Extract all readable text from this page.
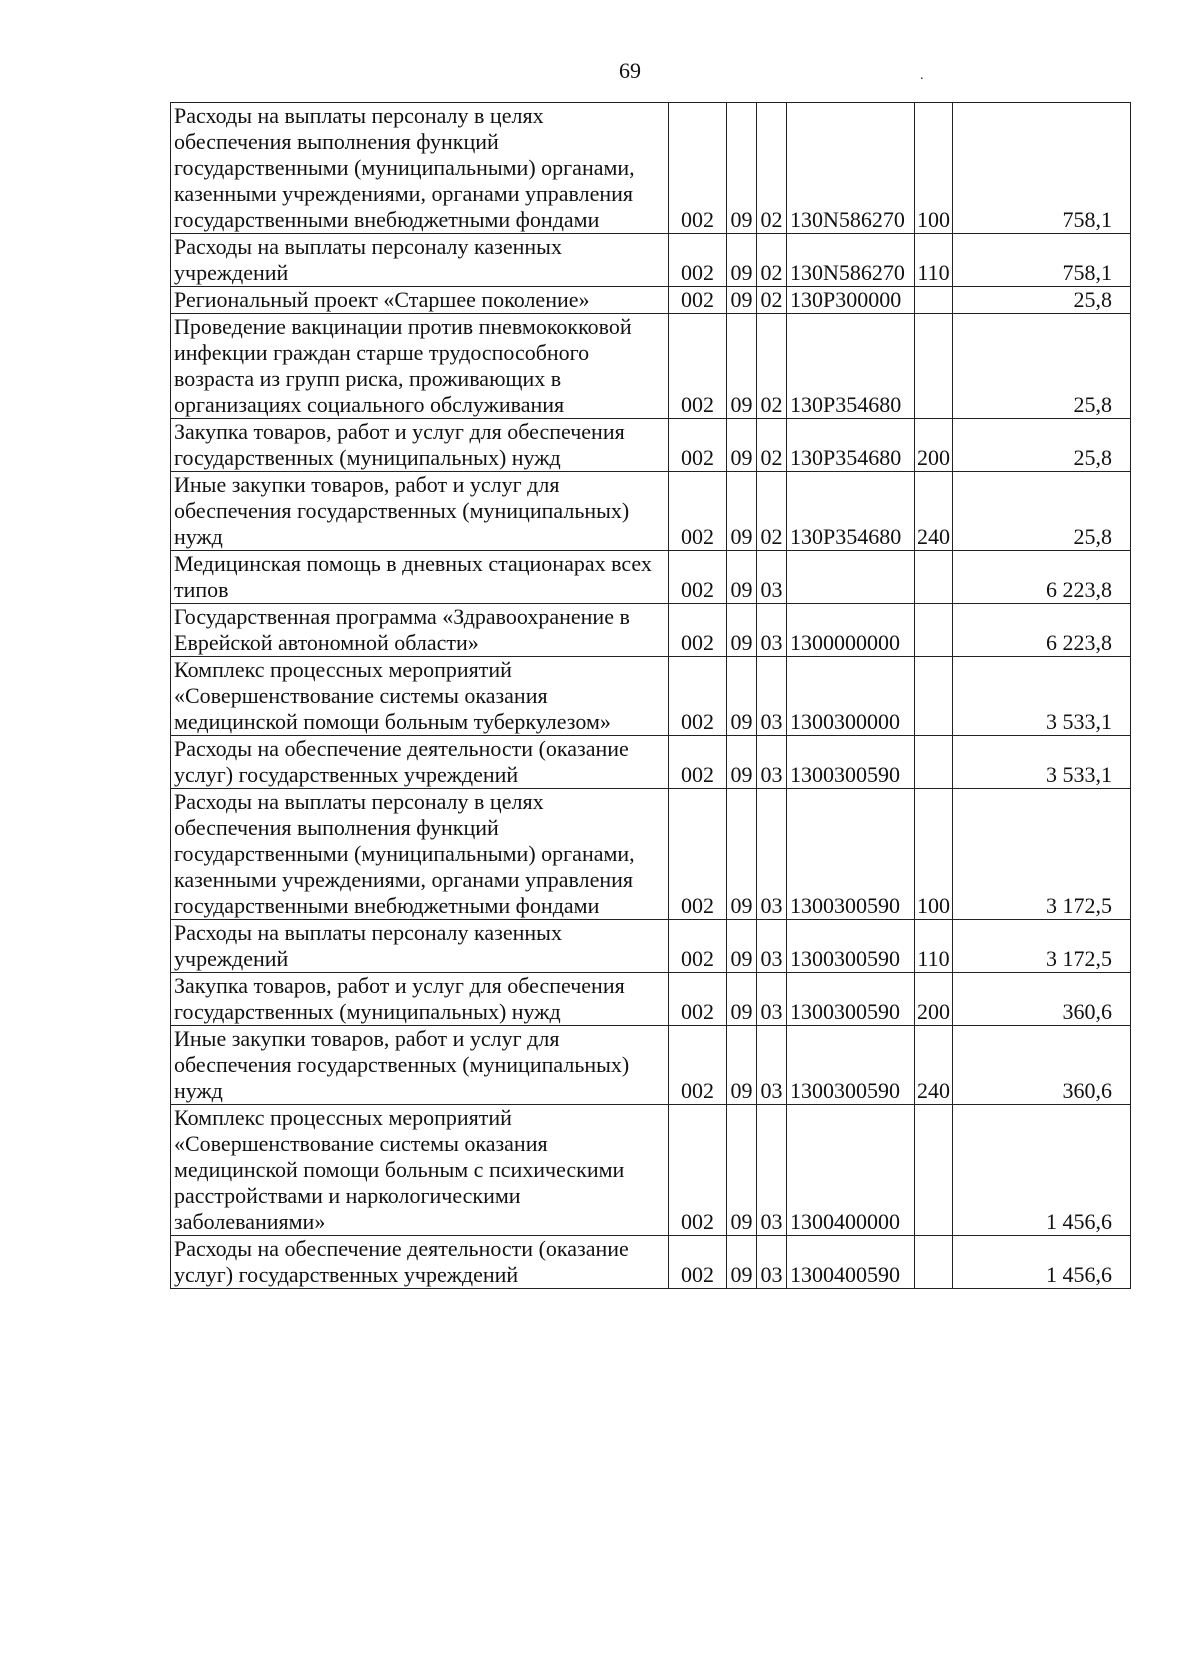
69	.
Расходы на выплаты персоналу в целях обеспечения выполнения функций государственными (муниципальными) органами, казенными учреждениями, органами управления государственными внебюджетными фондами	002	09	02	130N586270	100	758,1
Расходы на выплаты персоналу казенных учреждений	002	09	02	130N586270	110	758,1
Региональный проект «Старшее поколение»	002	09	02	130P300000		25,8
Проведение вакцинации против пневмококковой инфекции граждан старше трудоспособного возраста из групп риска, проживающих в организациях социального обслуживания	002	09	02	130P354680		25,8
Закупка товаров, работ и услуг для обеспечения государственных (муниципальных) нужд	002	09	02	130P354680	200	25,8
Иные закупки товаров, работ и услуг для обеспечения государственных (муниципальных) нужд	002	09	02	130P354680	240	25,8
Медицинская помощь в дневных стационарах всех типов	002	09	03			6 223,8
Государственная программа «Здравоохранение в Еврейской автономной области»	002	09	03	1300000000		6 223,8
Комплекс процессных мероприятий «Совершенствование системы оказания медицинской помощи больным туберкулезом»	002	09	03	1300300000		3 533,1
Расходы на обеспечение деятельности (оказание услуг) государственных учреждений	002	09	03	1300300590		3 533,1
Расходы на выплаты персоналу в целях обеспечения выполнения функций государственными (муниципальными) органами, казенными учреждениями, органами управления государственными внебюджетными фондами	002	09	03	1300300590	100	3 172,5
Расходы на выплаты персоналу казенных учреждений	002	09	03	1300300590	110	3 172,5
Закупка товаров, работ и услуг для обеспечения государственных (муниципальных) нужд	002	09	03	1300300590	200	360,6
Иные закупки товаров, работ и услуг для обеспечения государственных (муниципальных) нужд	002	09	03	1300300590	240	360,6
Комплекс процессных мероприятий «Совершенствование системы оказания медицинской помощи больным с психическими расстройствами и наркологическими заболеваниями»	002	09	03	1300400000		1 456,6
Расходы на обеспечение деятельности (оказание услуг) государственных учреждений	002	09	03	1300400590		1 456,6
